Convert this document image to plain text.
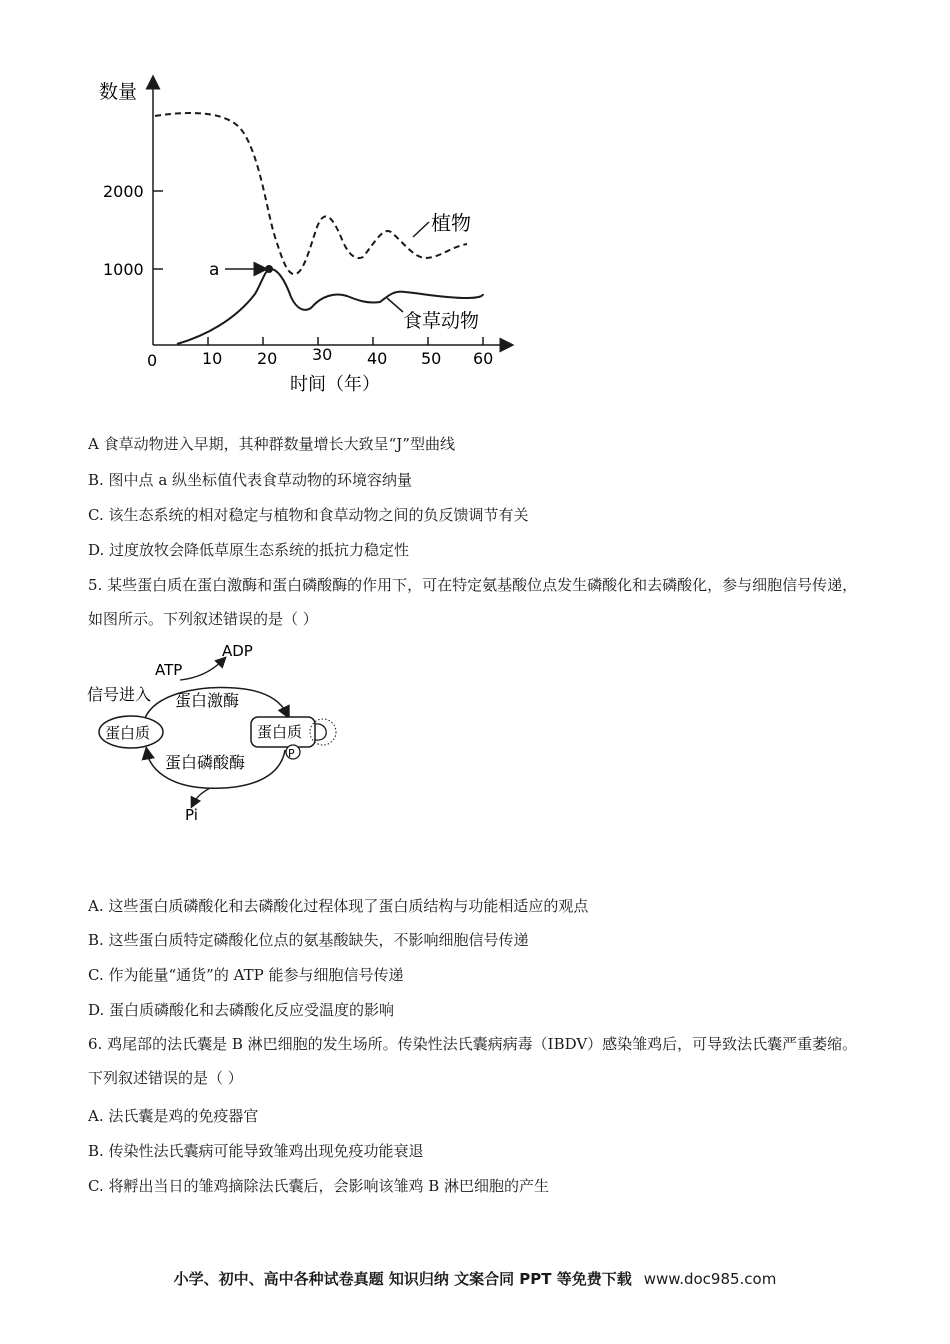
数量
2000
1000
0	10 20 30 40 50 60
时间（年）
a
植物
食草动物
A 食草动物进入早期，其种群数量增长大致呈“J”型曲线
B. 图中点 a 纵坐标值代表食草动物的环境容纳量
C. 该生态系统的相对稳定与植物和食草动物之间的负反馈调节有关
D. 过度放牧会降低草原生态系统的抵抗力稳定性
5. 某些蛋白质在蛋白激酶和蛋白磷酸酶的作用下，可在特定氨基酸位点发生磷酸化和去磷酸化，参与细胞信号传递，如图所示。下列叙述错误的是（ ）
ADP
ATP
信号进入 蛋白激酶
蛋白质	蛋白质
P
蛋白磷酸酶
Pi
A. 这些蛋白质磷酸化和去磷酸化过程体现了蛋白质结构与功能相适应的观点
B. 这些蛋白质特定磷酸化位点的氨基酸缺失，不影响细胞信号传递
C. 作为能量“通货”的 ATP 能参与细胞信号传递
D. 蛋白质磷酸化和去磷酸化反应受温度的影响
6. 鸡尾部的法氏囊是 B 淋巴细胞的发生场所。传染性法氏囊病病毒（IBDV）感染雏鸡后，可导致法氏囊严重萎缩。下列叙述错误的是（ ）
A. 法氏囊是鸡的免疫器官
B. 传染性法氏囊病可能导致雏鸡出现免疫功能衰退
C. 将孵出当日的雏鸡摘除法氏囊后，会影响该雏鸡 B 淋巴细胞的产生
小学、初中、高中各种试卷真题 知识归纳 文案合同 PPT 等免费下载 www.doc985.com
